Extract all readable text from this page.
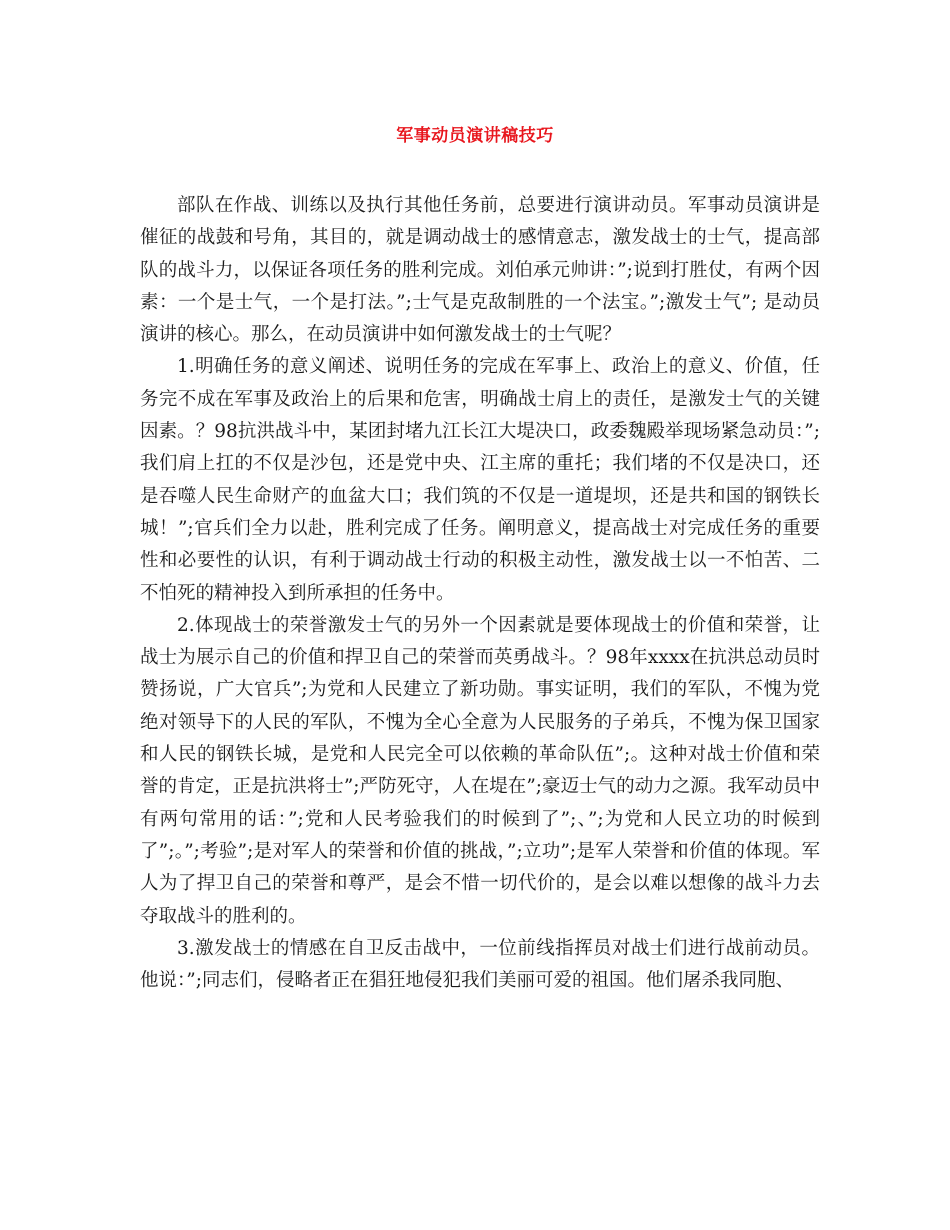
军事动员演讲稿技巧

部队在作战、训练以及执行其他任务前，总要进行演讲动员。军事动员演讲是催征的战鼓和号角，其目的，就是调动战士的感情意志，激发战士的士气，提高部队的战斗力，以保证各项任务的胜利完成。刘伯承元帅讲：”;说到打胜仗，有两个因素：一个是士气，一个是打法。”;士气是克敌制胜的一个法宝。”;激发士气”; 是动员演讲的核心。那么，在动员演讲中如何激发战士的士气呢？

1.明确任务的意义阐述、说明任务的完成在军事上、政治上的意义、价值，任务完不成在军事及政治上的后果和危害，明确战士肩上的责任，是激发士气的关键因素。？98抗洪战斗中，某团封堵九江长江大堤决口，政委魏殿举现场紧急动员：”;我们肩上扛的不仅是沙包，还是党中央、江主席的重托；我们堵的不仅是决口，还是吞噬人民生命财产的血盆大口；我们筑的不仅是一道堤坝，还是共和国的钢铁长城！”;官兵们全力以赴，胜利完成了任务。阐明意义，提高战士对完成任务的重要性和必要性的认识，有利于调动战士行动的积极主动性，激发战士以一不怕苦、二不怕死的精神投入到所承担的任务中。

2.体现战士的荣誉激发士气的另外一个因素就是要体现战士的价值和荣誉，让战士为展示自己的价值和捍卫自己的荣誉而英勇战斗。？98年xxxx在抗洪总动员时赞扬说，广大官兵”;为党和人民建立了新功勋。事实证明，我们的军队，不愧为党绝对领导下的人民的军队，不愧为全心全意为人民服务的子弟兵，不愧为保卫国家和人民的钢铁长城，是党和人民完全可以依赖的革命队伍”;。这种对战士价值和荣誉的肯定，正是抗洪将士”;严防死守，人在堤在”;豪迈士气的动力之源。我军动员中有两句常用的话：”;党和人民考验我们的时候到了”;、”;为党和人民立功的时候到了”;。”;考验”;是对军人的荣誉和价值的挑战，”;立功”;是军人荣誉和价值的体现。军人为了捍卫自己的荣誉和尊严，是会不惜一切代价的，是会以难以想像的战斗力去夺取战斗的胜利的。

3.激发战士的情感在自卫反击战中，一位前线指挥员对战士们进行战前动员。他说：”;同志们，侵略者正在猖狂地侵犯我们美丽可爱的祖国。他们屠杀我同胞、
